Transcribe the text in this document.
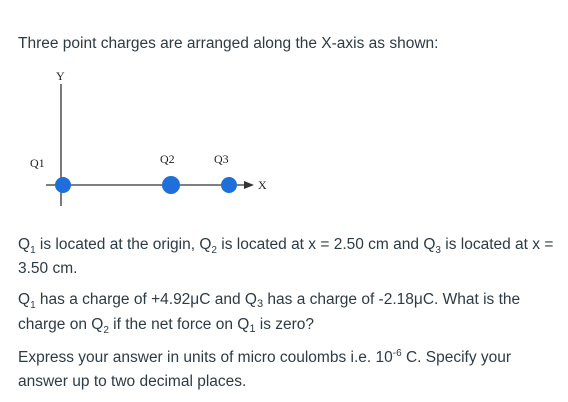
Three point charges are arranged along the X-axis as shown:

Y
X
Q1	Q2	Q3

$Q_1$ is located at the origin, $Q_2$ is located at x = 2.50 cm and $Q_3$ is located at x = 3.50 cm.

$Q_1$ has a charge of +4.92μC and Q3 has a charge of -2.18μC. What is the charge on $Q_2$ if the net force on Q1 is zero?

Express your answer in units of micro coulombs i.e. $10^{-6}$ C. Specify your answer up to two decimal places.
